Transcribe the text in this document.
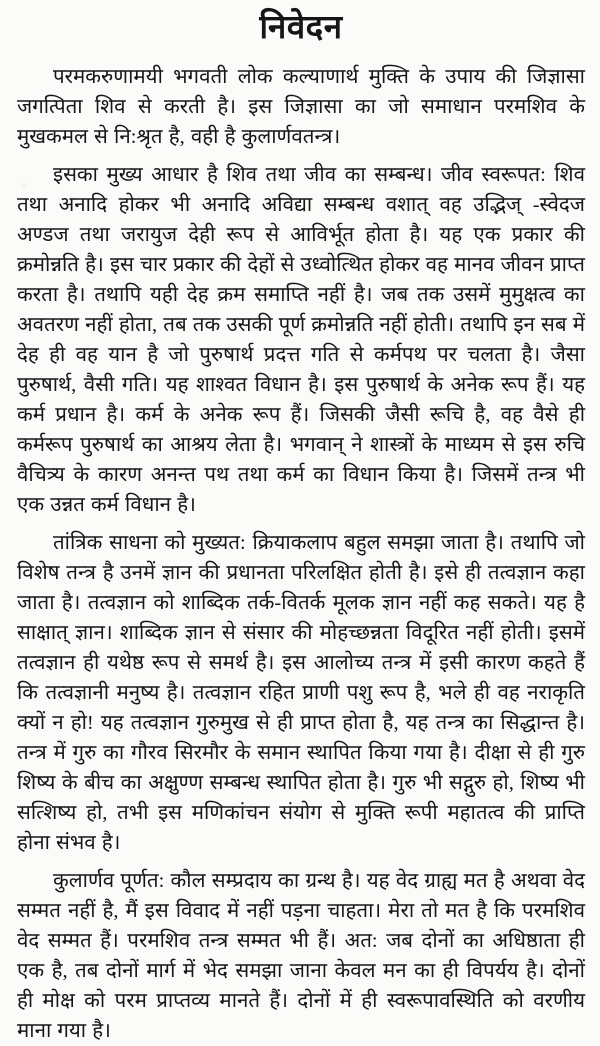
निवेदन

परमकरुणामयी भगवती लोक कल्याणार्थ मुक्ति के उपाय की जिज्ञासा जगत्पिता शिव से करती है। इस जिज्ञासा का जो समाधान परमशिव के मुखकमल से नि:श्रृत है, वही है कुलार्णवतन्त्र।

इसका मुख्य आधार है शिव तथा जीव का सम्बन्ध। जीव स्वरूपत: शिव तथा अनादि होकर भी अनादि अविद्या सम्बन्ध वशात् वह उद्भिज् -स्वेदज अण्डज तथा जरायुज देही रूप से आविर्भूत होता है। यह एक प्रकार की क्रमोन्नति है। इस चार प्रकार की देहों से उध्वोत्थित होकर वह मानव जीवन प्राप्त करता है। तथापि यही देह क्रम समाप्ति नहीं है। जब तक उसमें मुमुक्षत्व का अवतरण नहीं होता, तब तक उसकी पूर्ण क्रमोन्नति नहीं होती। तथापि इन सब में देह ही वह यान है जो पुरुषार्थ प्रदत्त गति से कर्मपथ पर चलता है। जैसा पुरुषार्थ, वैसी गति। यह शाश्वत विधान है। इस पुरुषार्थ के अनेक रूप हैं। यह कर्म प्रधान है। कर्म के अनेक रूप हैं। जिसकी जैसी रूचि है, वह वैसे ही कर्मरूप पुरुषार्थ का आश्रय लेता है। भगवान् ने शास्त्रों के माध्यम से इस रुचि वैचित्र्य के कारण अनन्त पथ तथा कर्म का विधान किया है। जिसमें तन्त्र भी एक उन्नत कर्म विधान है।

तांत्रिक साधना को मुख्यत: क्रियाकलाप बहुल समझा जाता है। तथापि जो विशेष तन्त्र है उनमें ज्ञान की प्रधानता परिलक्षित होती है। इसे ही तत्वज्ञान कहा जाता है। तत्वज्ञान को शाब्दिक तर्क-वितर्क मूलक ज्ञान नहीं कह सकते। यह है साक्षात् ज्ञान। शाब्दिक ज्ञान से संसार की मोहच्छन्नता विदूरित नहीं होती। इसमें तत्वज्ञान ही यथेष्ठ रूप से समर्थ है। इस आलोच्य तन्त्र में इसी कारण कहते हैं कि तत्वज्ञानी मनुष्य है। तत्वज्ञान रहित प्राणी पशु रूप है, भले ही वह नराकृति क्यों न हो! यह तत्वज्ञान गुरुमुख से ही प्राप्त होता है, यह तन्त्र का सिद्धान्त है। तन्त्र में गुरु का गौरव सिरमौर के समान स्थापित किया गया है। दीक्षा से ही गुरु शिष्य के बीच का अक्षुण्ण सम्बन्ध स्थापित होता है। गुरु भी सद्गुरु हो, शिष्य भी सत्शिष्य हो, तभी इस मणिकांचन संयोग से मुक्ति रूपी महातत्व की प्राप्ति होना संभव है।

कुलार्णव पूर्णत: कौल सम्प्रदाय का ग्रन्थ है। यह वेद ग्राह्य मत है अथवा वेद सम्मत नहीं है, मैं इस विवाद में नहीं पड़ना चाहता। मेरा तो मत है कि परमशिव वेद सम्मत हैं। परमशिव तन्त्र सम्मत भी हैं। अत: जब दोनों का अधिष्ठाता ही एक है, तब दोनों मार्ग में भेद समझा जाना केवल मन का ही विपर्यय है। दोनों ही मोक्ष को परम प्राप्तव्य मानते हैं। दोनों में ही स्वरूपावस्थिति को वरणीय माना गया है।
